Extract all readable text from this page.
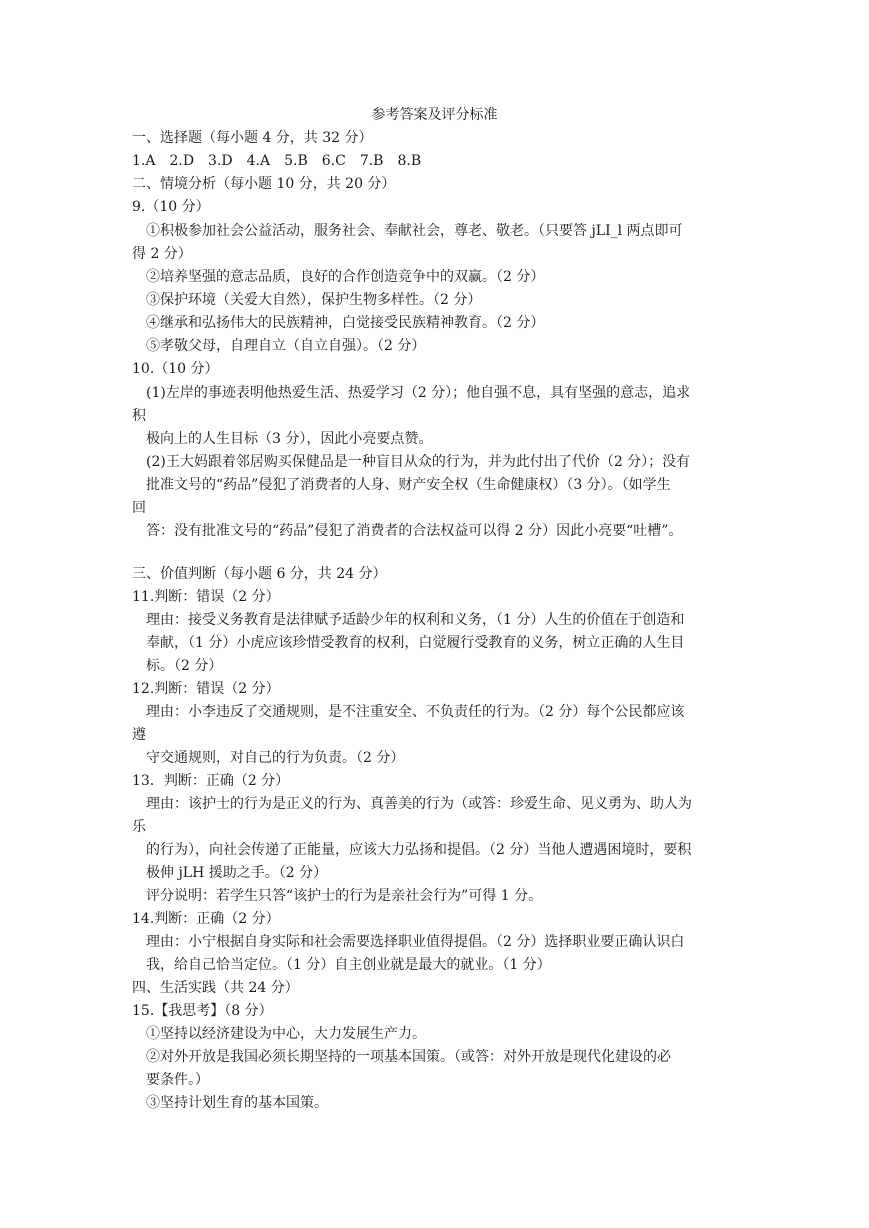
参考答案及评分标准
一、选择题（每小题 4 分，共 32 分）
1.A　2.D　3.D　4.A　5.B　6.C　7.B　8.B
二、情境分析（每小题 10 分，共 20 分）
9.（10 分）
①积极参加社会公益活动，服务社会、奉献社会，尊老、敬老。（只要答 jLI_l 两点即可
得 2 分）
②培养坚强的意志品质，良好的合作创造竞争中的双赢。（2 分）
③保护环境（关爱大自然），保护生物多样性。（2 分）
④继承和弘扬伟大的民族精神，白觉接受民族精神教育。（2 分）
⑤孝敬父母，自理自立（自立自强）。（2 分）
10.（10 分）
(1)左岸的事迹表明他热爱生活、热爱学习（2 分）；他自强不息，具有坚强的意志，追求
积
极向上的人生目标（3 分），因此小亮要点赞。
(2)王大妈跟着邻居购买保健品是一种盲目从众的行为，并为此付出了代价（2 分）；没有
批准文号的“药品”侵犯了消费者的人身、财产安全权（生命健康权）（3 分）。（如学生
回
答：没有批准文号的“药品”侵犯了消费者的合法权益可以得 2 分）因此小亮要“吐槽”。
三、价值判断（每小题 6 分，共 24 分）
11.判断：错误（2 分）
理由：接受义务教育是法律赋予适龄少年的权利和义务，（1 分）人生的价值在于创造和
奉献，（1 分）小虎应该珍惜受教育的权利，白觉履行受教育的义务，树立正确的人生目
标。（2 分）
12.判断：错误（2 分）
理由：小李违反了交通规则，是不注重安全、不负责任的行为。（2 分）每个公民都应该
遵
守交通规则，对自己的行为负责。（2 分）
13．判断：正确（2 分）
理由：该护士的行为是正义的行为、真善美的行为（或答：珍爱生命、见义勇为、助人为
乐
的行为），向社会传递了正能量，应该大力弘扬和提倡。（2 分）当他人遭遇困境时，要积
极伸 jLH 援助之手。（2 分）
评分说明：若学生只答“该护士的行为是亲社会行为”可得 1 分。
14.判断：正确（2 分）
理由：小宁根据自身实际和社会需要选择职业值得提倡。（2 分）选择职业要正确认识白
我，给自己恰当定位。（1 分）自主创业就是最大的就业。（1 分）
四、生活实践（共 24 分）
15.【我思考】（8 分）
①坚持以经济建设为中心，大力发展生产力。
②对外开放是我国必须长期坚持的一项基本国策。（或答：对外开放是现代化建设的必
要条件。）
③坚持计划生育的基本国策。
